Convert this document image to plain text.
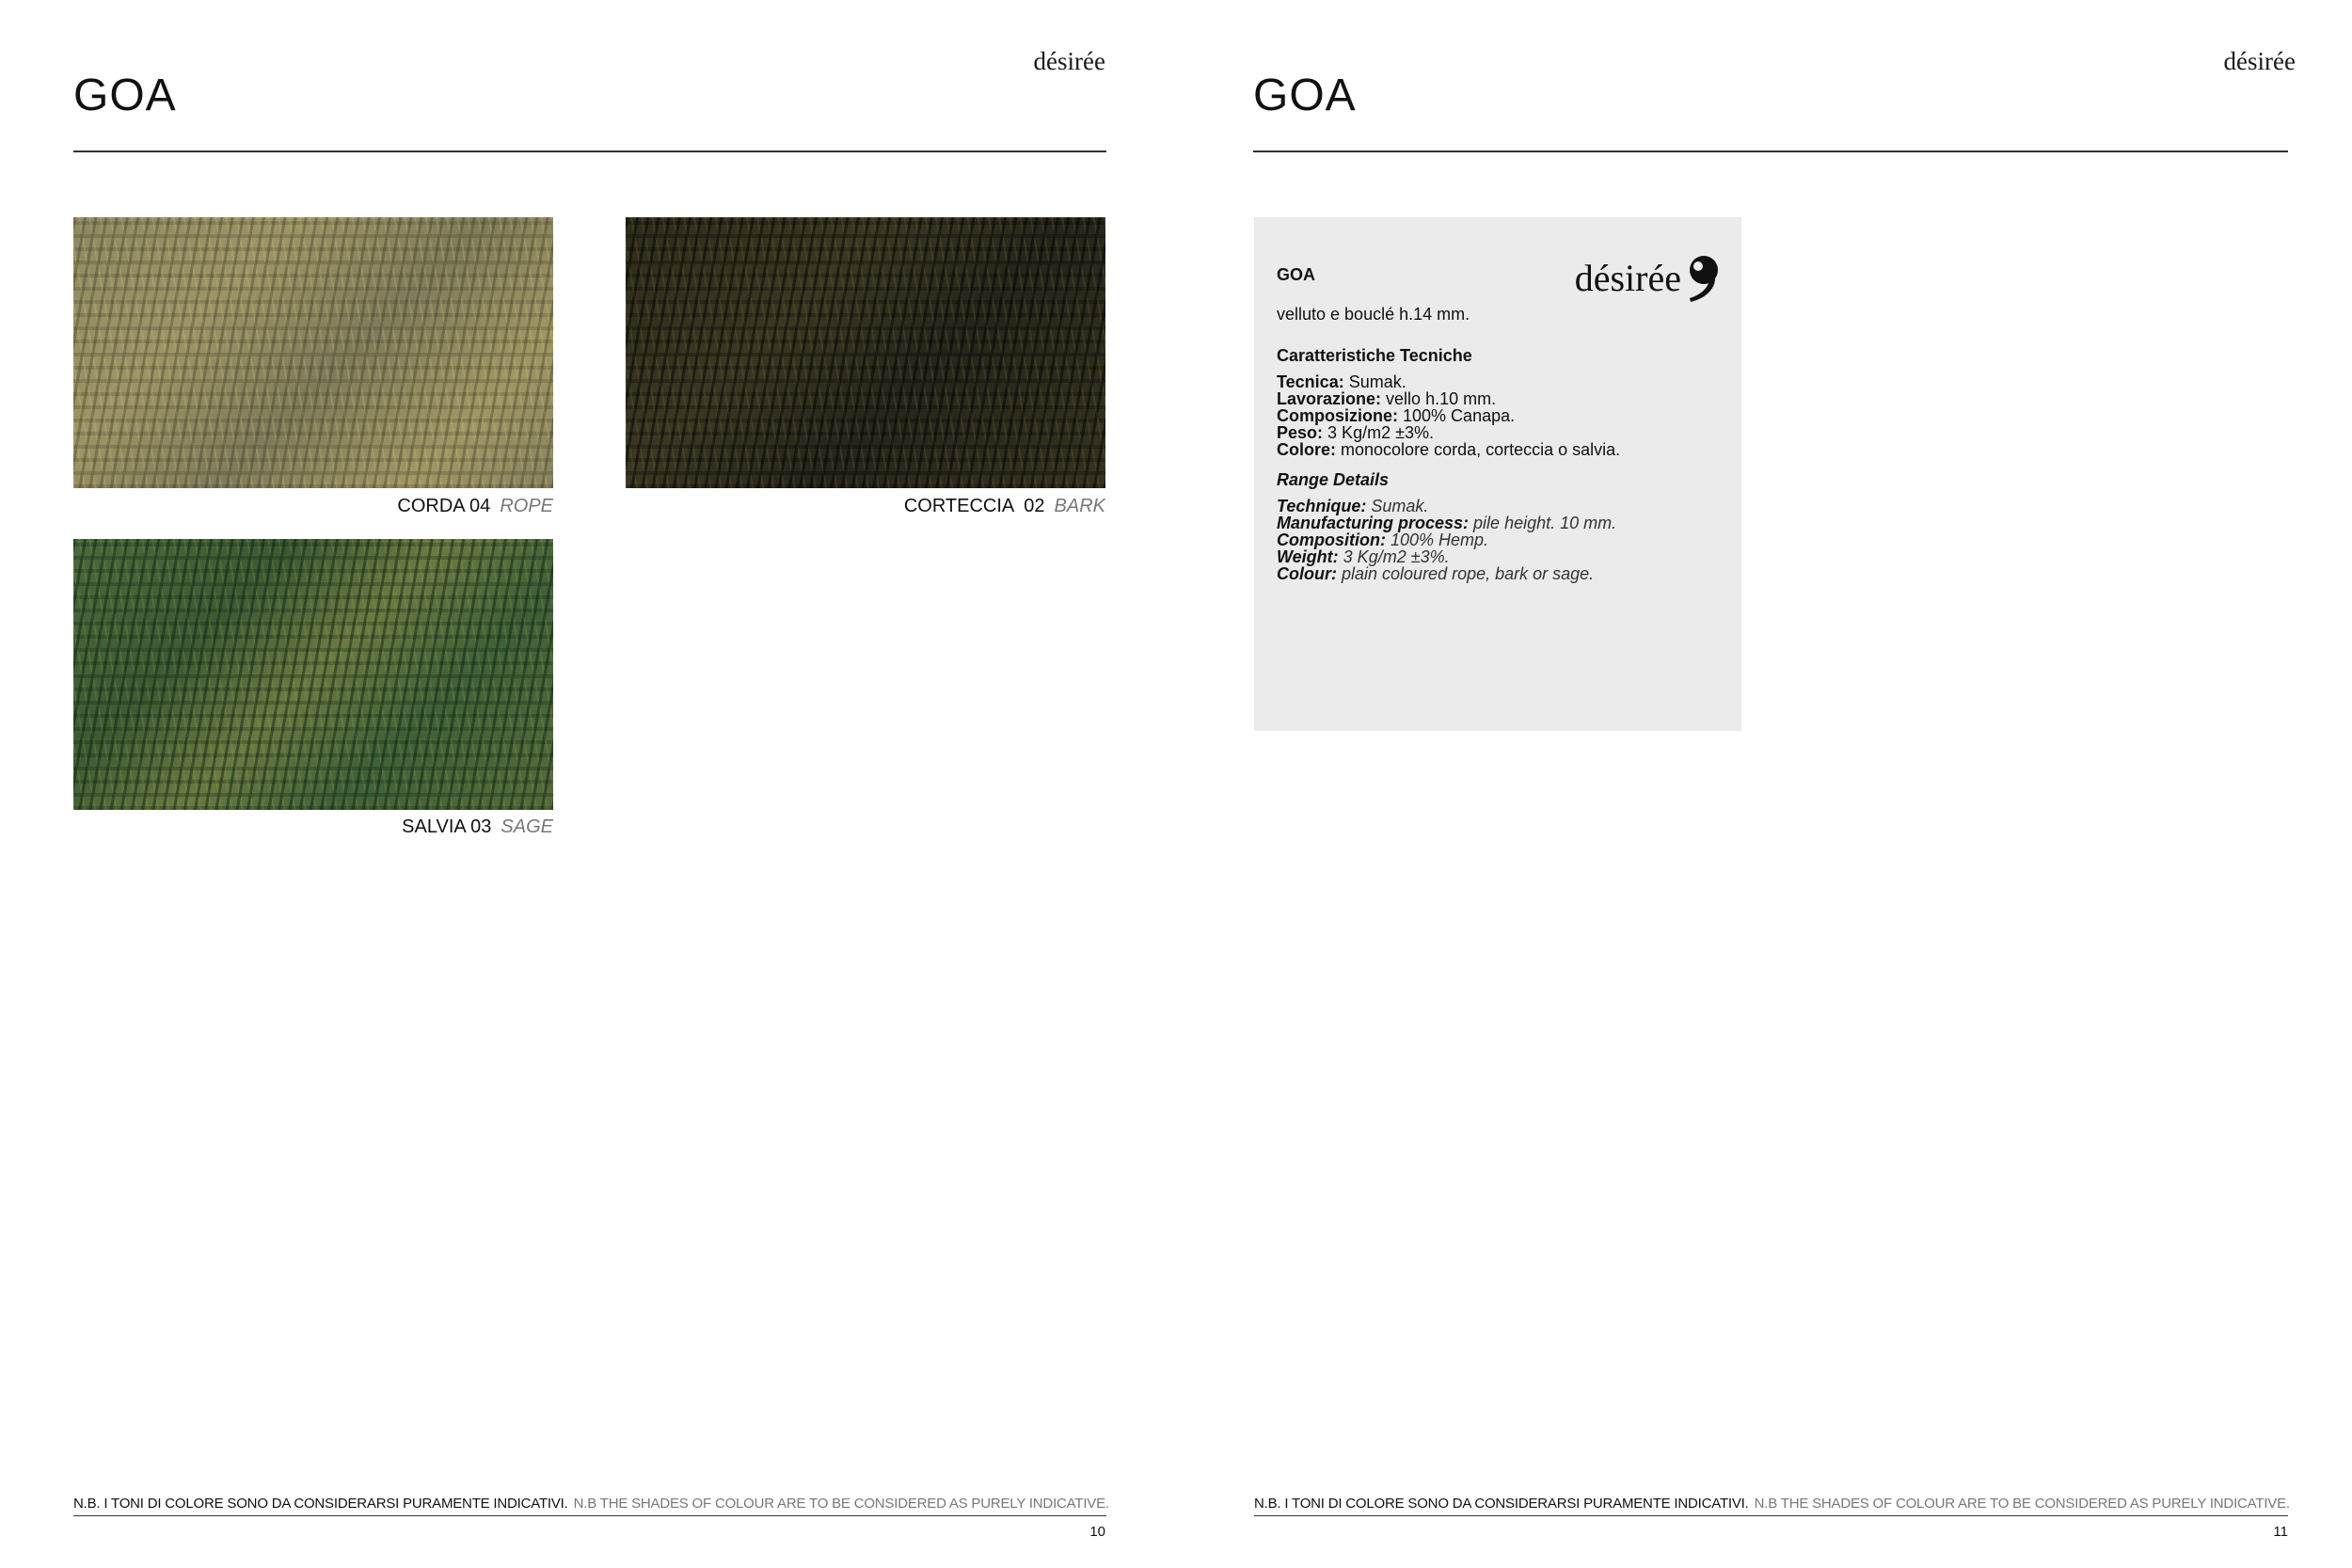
désirée
GOA
CORDA 04 ROPE	CORTECCIA  02 BARK
SALVIA 03 SAGE
N.B. I TONI DI COLORE SONO DA CONSIDERARSI PURAMENTE INDICATIVI. N.B THE SHADES OF COLOUR ARE TO BE CONSIDERED AS PURELY INDICATIVE.
10
désirée
GOA
désirée
GOA
velluto e bouclé h.14 mm.
Caratteristiche Tecniche
Tecnica: Sumak.
Lavorazione: vello h.10 mm.
Composizione: 100% Canapa.
Peso: 3 Kg/m2 ±3%.
Colore: monocolore corda, corteccia o salvia.
Range Details
Technique: Sumak.
Manufacturing process: pile height. 10 mm.
Composition: 100% Hemp.
Weight: 3 Kg/m2 ±3%.
Colour: plain coloured rope, bark or sage.
N.B. I TONI DI COLORE SONO DA CONSIDERARSI PURAMENTE INDICATIVI. N.B THE SHADES OF COLOUR ARE TO BE CONSIDERED AS PURELY INDICATIVE.
11
